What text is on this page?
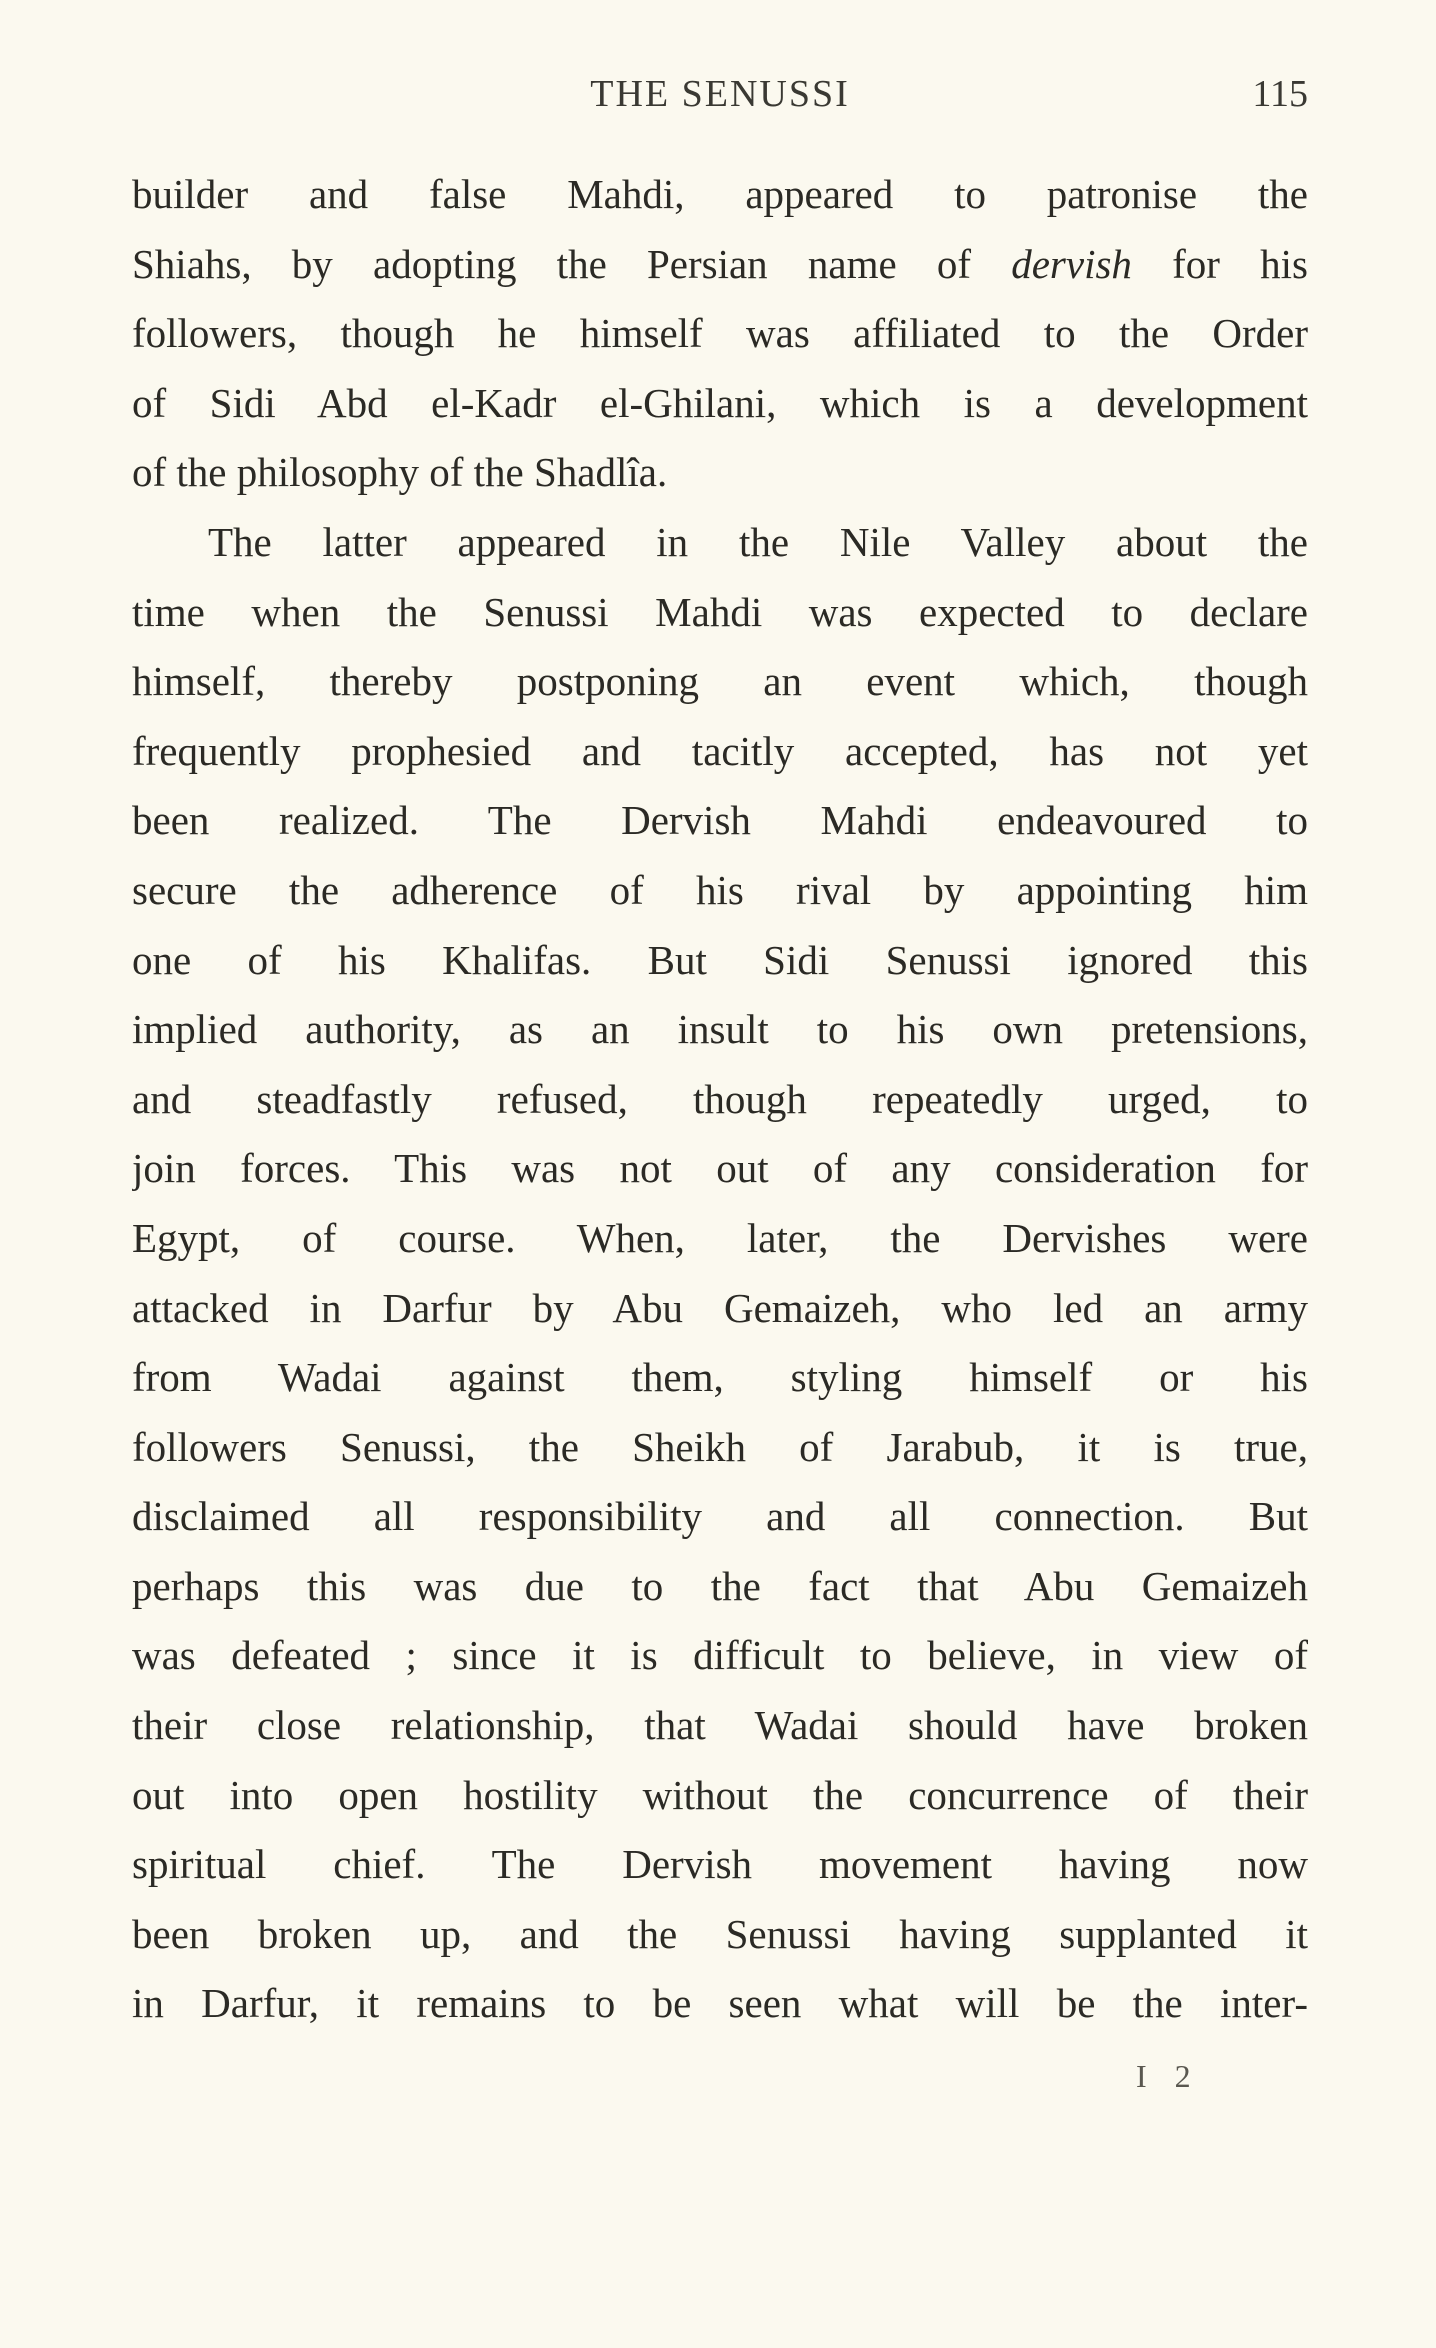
THE SENUSSI	115
builder and false Mahdi, appeared to patronise the
Shiahs, by adopting the Persian name of dervish for his
followers, though he himself was affiliated to the Order
of Sidi Abd el-Kadr el-Ghilani, which is a development
of the philosophy of the Shadlîa.
The latter appeared in the Nile Valley about the
time when the Senussi Mahdi was expected to declare
himself, thereby postponing an event which, though
frequently prophesied and tacitly accepted, has not yet
been realized. The Dervish Mahdi endeavoured to
secure the adherence of his rival by appointing him
one of his Khalifas. But Sidi Senussi ignored this
implied authority, as an insult to his own pretensions,
and steadfastly refused, though repeatedly urged, to
join forces. This was not out of any consideration for
Egypt, of course. When, later, the Dervishes were
attacked in Darfur by Abu Gemaizeh, who led an army
from Wadai against them, styling himself or his
followers Senussi, the Sheikh of Jarabub, it is true,
disclaimed all responsibility and all connection. But
perhaps this was due to the fact that Abu Gemaizeh
was defeated ; since it is difficult to believe, in view of
their close relationship, that Wadai should have broken
out into open hostility without the concurrence of their
spiritual chief. The Dervish movement having now
been broken up, and the Senussi having supplanted it
in Darfur, it remains to be seen what will be the inter-
I 2
